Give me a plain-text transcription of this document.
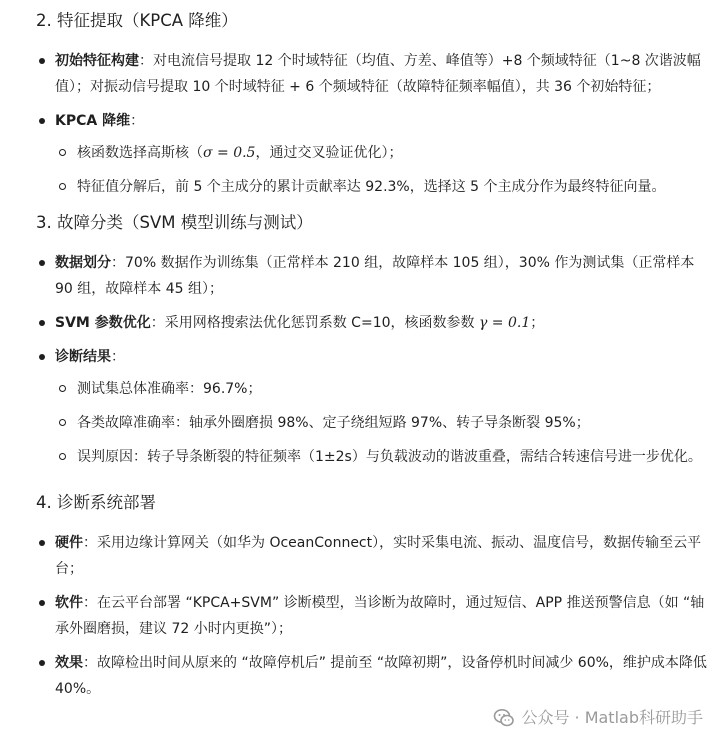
2. 特征提取（KPCA 降维）
初始特征构建：对电流信号提取 12 个时域特征（均值、方差、峰值等）+8 个频域特征（1~8 次谐波幅值）；对振动信号提取 10 个时域特征 + 6 个频域特征（故障特征频率幅值），共 36 个初始特征；
KPCA 降维：
核函数选择高斯核（σ = 0.5，通过交叉验证优化）；
特征值分解后，前 5 个主成分的累计贡献率达 92.3%，选择这 5 个主成分作为最终特征向量。
3. 故障分类（SVM 模型训练与测试）
数据划分：70% 数据作为训练集（正常样本 210 组，故障样本 105 组），30% 作为测试集（正常样本 90 组，故障样本 45 组）；
SVM 参数优化：采用网格搜索法优化惩罚系数 C=10，核函数参数 γ = 0.1；
诊断结果：
测试集总体准确率：96.7%；
各类故障准确率：轴承外圈磨损 98%、定子绕组短路 97%、转子导条断裂 95%；
误判原因：转子导条断裂的特征频率（1±2s）与负载波动的谐波重叠，需结合转速信号进一步优化。
4. 诊断系统部署
硬件：采用边缘计算网关（如华为 OceanConnect），实时采集电流、振动、温度信号，数据传输至云平台；
软件：在云平台部署 “KPCA+SVM” 诊断模型，当诊断为故障时，通过短信、APP 推送预警信息（如 “轴承外圈磨损，建议 72 小时内更换”）；
效果：故障检出时间从原来的 “故障停机后” 提前至 “故障初期”，设备停机时间减少 60%，维护成本降低 40%。
公众号 · Matlab科研助手
